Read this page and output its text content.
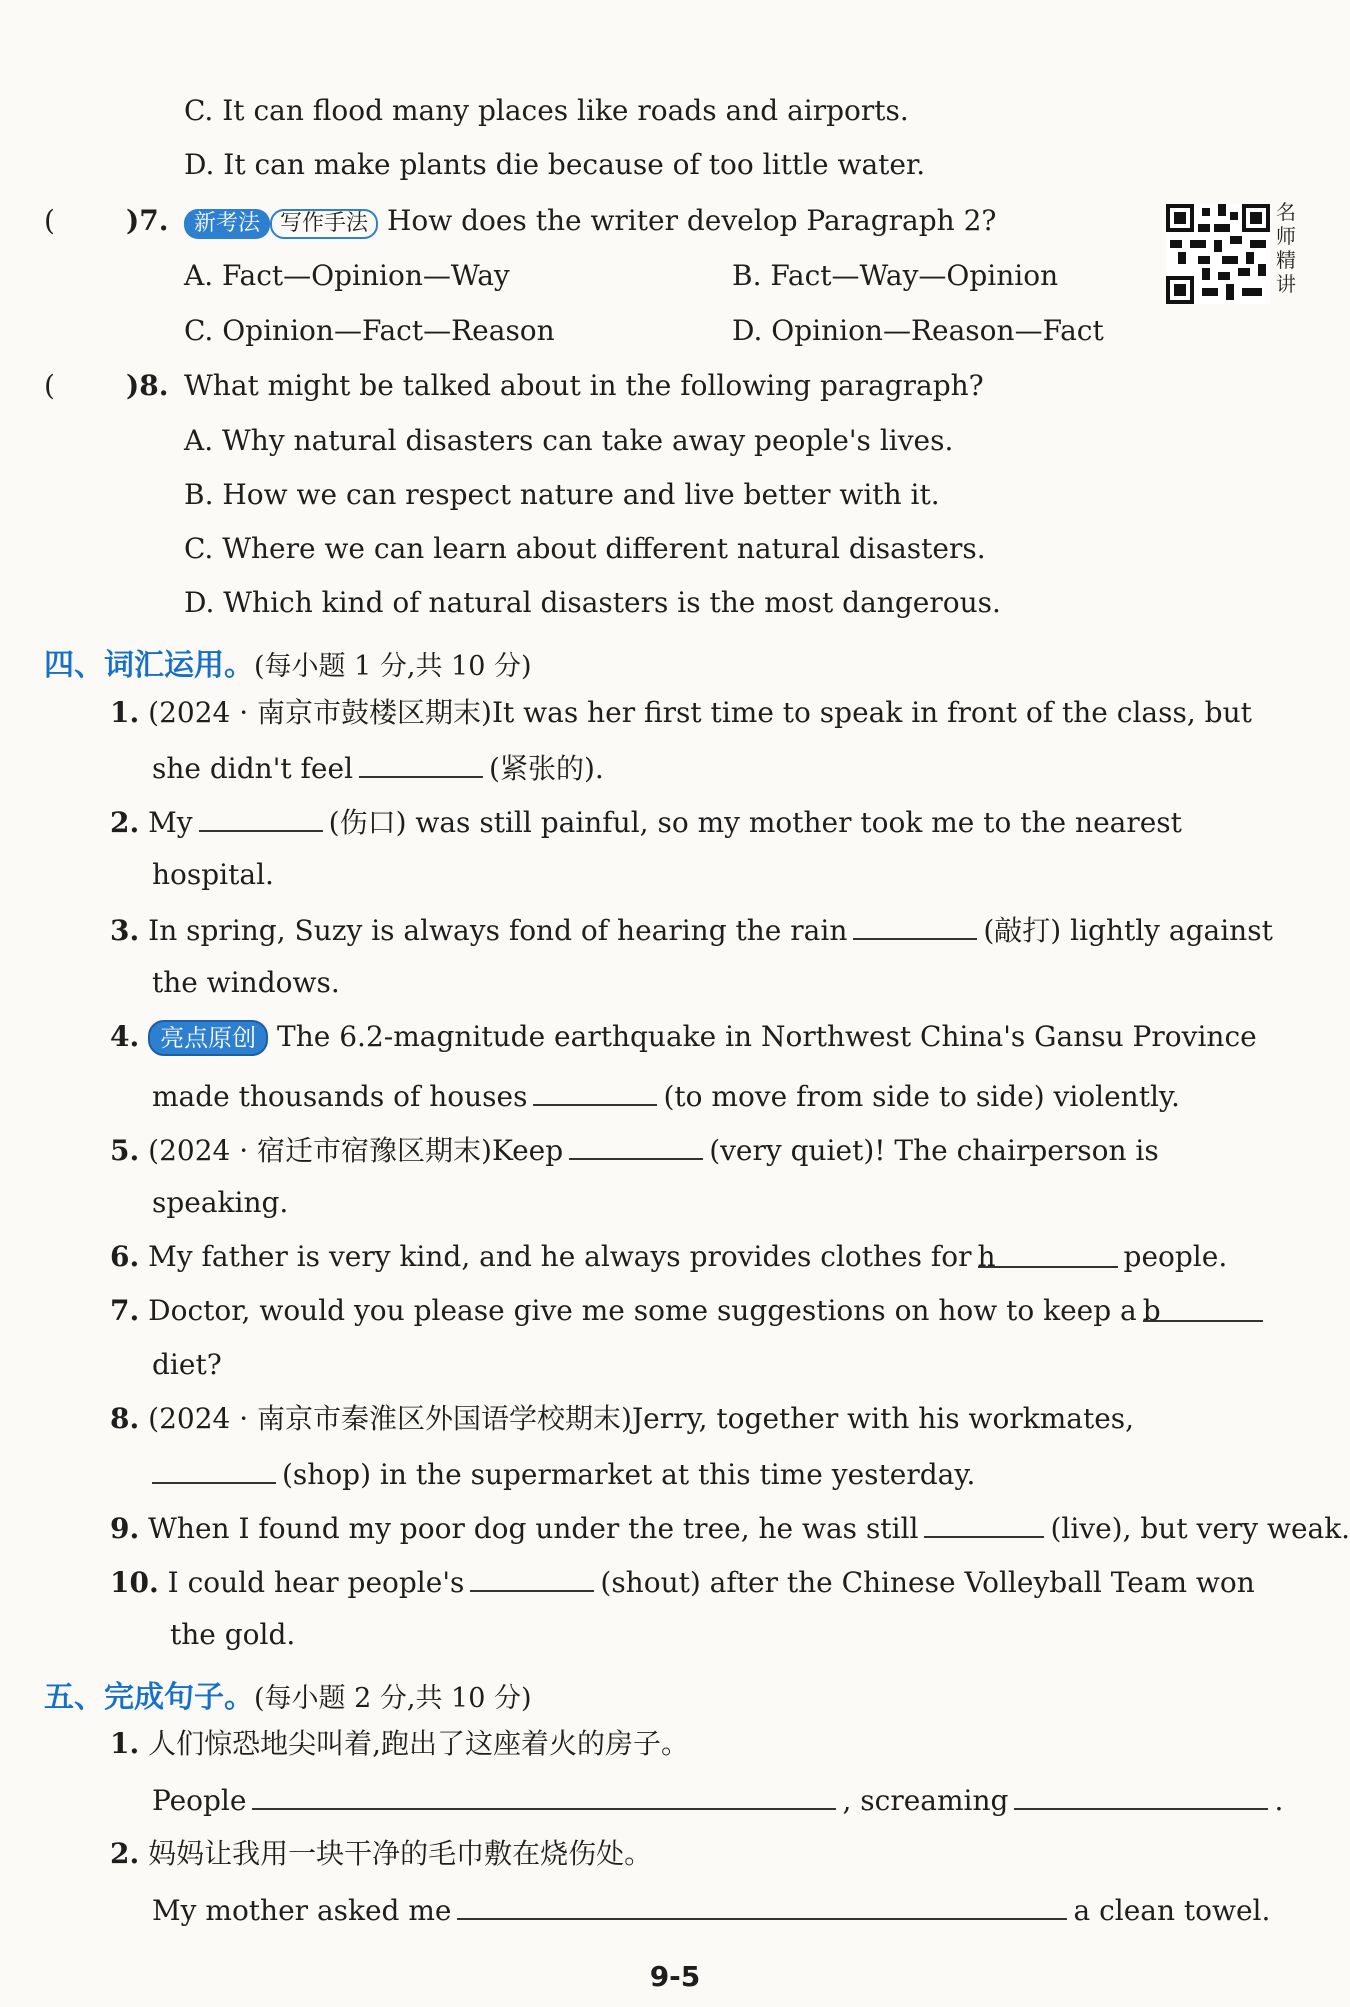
C. It can flood many places like roads and airports.
D. It can make plants die because of too little water.
(	)7.	新考法 写作手法 How does the writer develop Paragraph 2?
A. Fact—Opinion—Way	B. Fact—Way—Opinion
C. Opinion—Fact—Reason	D. Opinion—Reason—Fact
名师精讲
(	)8. What might be talked about in the following paragraph?
A. Why natural disasters can take away people's lives.
B. How we can respect nature and live better with it.
C. Where we can learn about different natural disasters.
D. Which kind of natural disasters is the most dangerous.
四、词汇运用。(每小题 1 分,共 10 分)
1. (2024 · 南京市鼓楼区期末)It was her first time to speak in front of the class, but
she didn't feel	(紧张的).
2. My	(伤口) was still painful, so my mother took me to the nearest
hospital.
3. In spring, Suzy is always fond of hearing the rain	(敲打) lightly against
the windows.
4. 亮点原创 The 6.2-magnitude earthquake in Northwest China's Gansu Province
made thousands of houses	(to move from side to side) violently.
5. (2024 · 宿迁市宿豫区期末)Keep	(very quiet)! The chairperson is
speaking.
6. My father is very kind, and he always provides clothes for h	people.
7. Doctor, would you please give me some suggestions on how to keep a b
diet?
8. (2024 · 南京市秦淮区外国语学校期末)Jerry, together with his workmates,
(shop) in the supermarket at this time yesterday.
9. When I found my poor dog under the tree, he was still	(live), but very weak.
10. I could hear people's	(shout) after the Chinese Volleyball Team won
the gold.
五、完成句子。(每小题 2 分,共 10 分)
1. 人们惊恐地尖叫着,跑出了这座着火的房子。
People	, screaming	.
2. 妈妈让我用一块干净的毛巾敷在烧伤处。
My mother asked me	a clean towel.
9-5
